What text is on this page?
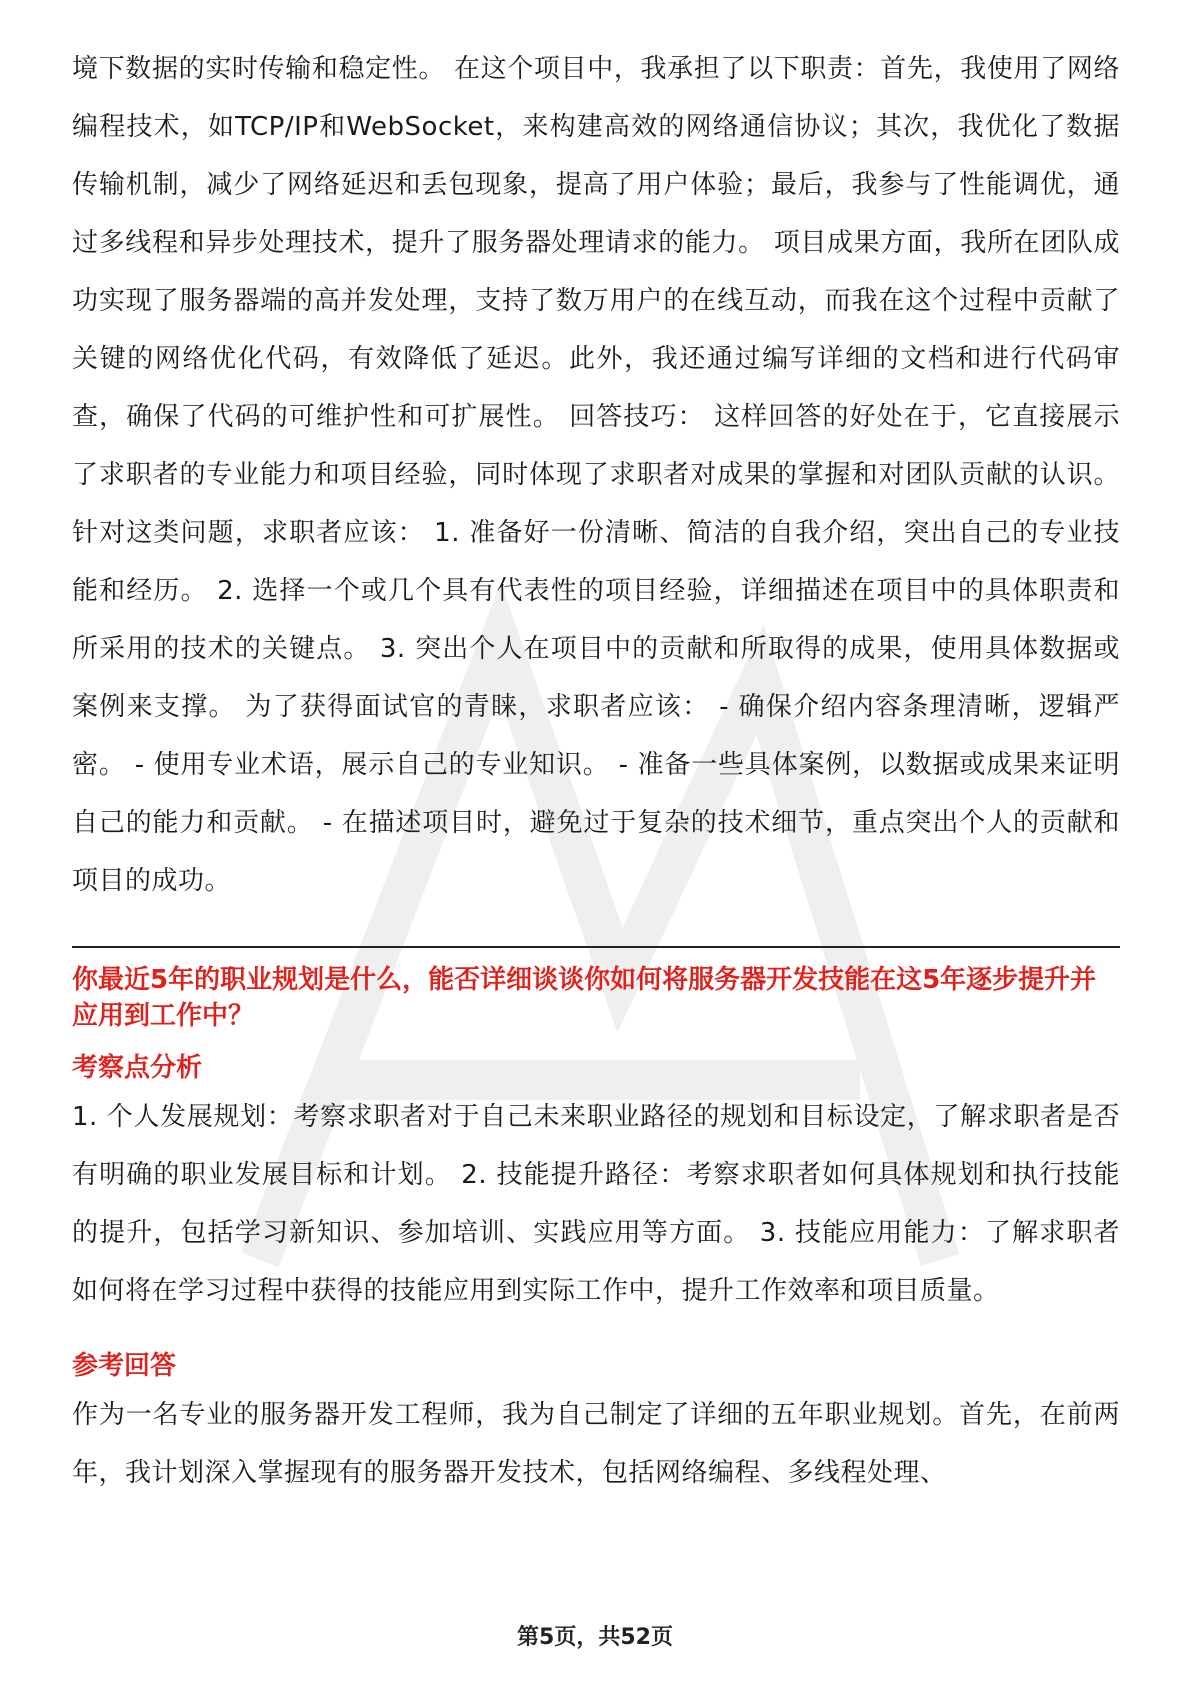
境下数据的实时传输和稳定性。 在这个项目中，我承担了以下职责：首先，我使用了网络编程技术，如TCP/IP和WebSocket，来构建高效的网络通信协议；其次，我优化了数据传输机制，减少了网络延迟和丢包现象，提高了用户体验；最后，我参与了性能调优，通过多线程和异步处理技术，提升了服务器处理请求的能力。 项目成果方面，我所在团队成功实现了服务器端的高并发处理，支持了数万用户的在线互动，而我在这个过程中贡献了关键的网络优化代码，有效降低了延迟。此外，我还通过编写详细的文档和进行代码审查，确保了代码的可维护性和可扩展性。 回答技巧： 这样回答的好处在于，它直接展示了求职者的专业能力和项目经验，同时体现了求职者对成果的掌握和对团队贡献的认识。针对这类问题，求职者应该： 1. 准备好一份清晰、简洁的自我介绍，突出自己的专业技能和经历。 2. 选择一个或几个具有代表性的项目经验，详细描述在项目中的具体职责和所采用的技术的关键点。 3. 突出个人在项目中的贡献和所取得的成果，使用具体数据或案例来支撑。 为了获得面试官的青睐，求职者应该： - 确保介绍内容条理清晰，逻辑严密。 - 使用专业术语，展示自己的专业知识。 - 准备一些具体案例，以数据或成果来证明自己的能力和贡献。 - 在描述项目时，避免过于复杂的技术细节，重点突出个人的贡献和项目的成功。

你最近5年的职业规划是什么，能否详细谈谈你如何将服务器开发技能在这5年逐步提升并应用到工作中？

考察点分析

1. 个人发展规划：考察求职者对于自己未来职业路径的规划和目标设定，了解求职者是否有明确的职业发展目标和计划。 2. 技能提升路径：考察求职者如何具体规划和执行技能的提升，包括学习新知识、参加培训、实践应用等方面。 3. 技能应用能力：了解求职者如何将在学习过程中获得的技能应用到实际工作中，提升工作效率和项目质量。

参考回答

作为一名专业的服务器开发工程师，我为自己制定了详细的五年职业规划。首先，在前两年，我计划深入掌握现有的服务器开发技术，包括网络编程、多线程处理、

第5页，共52页
